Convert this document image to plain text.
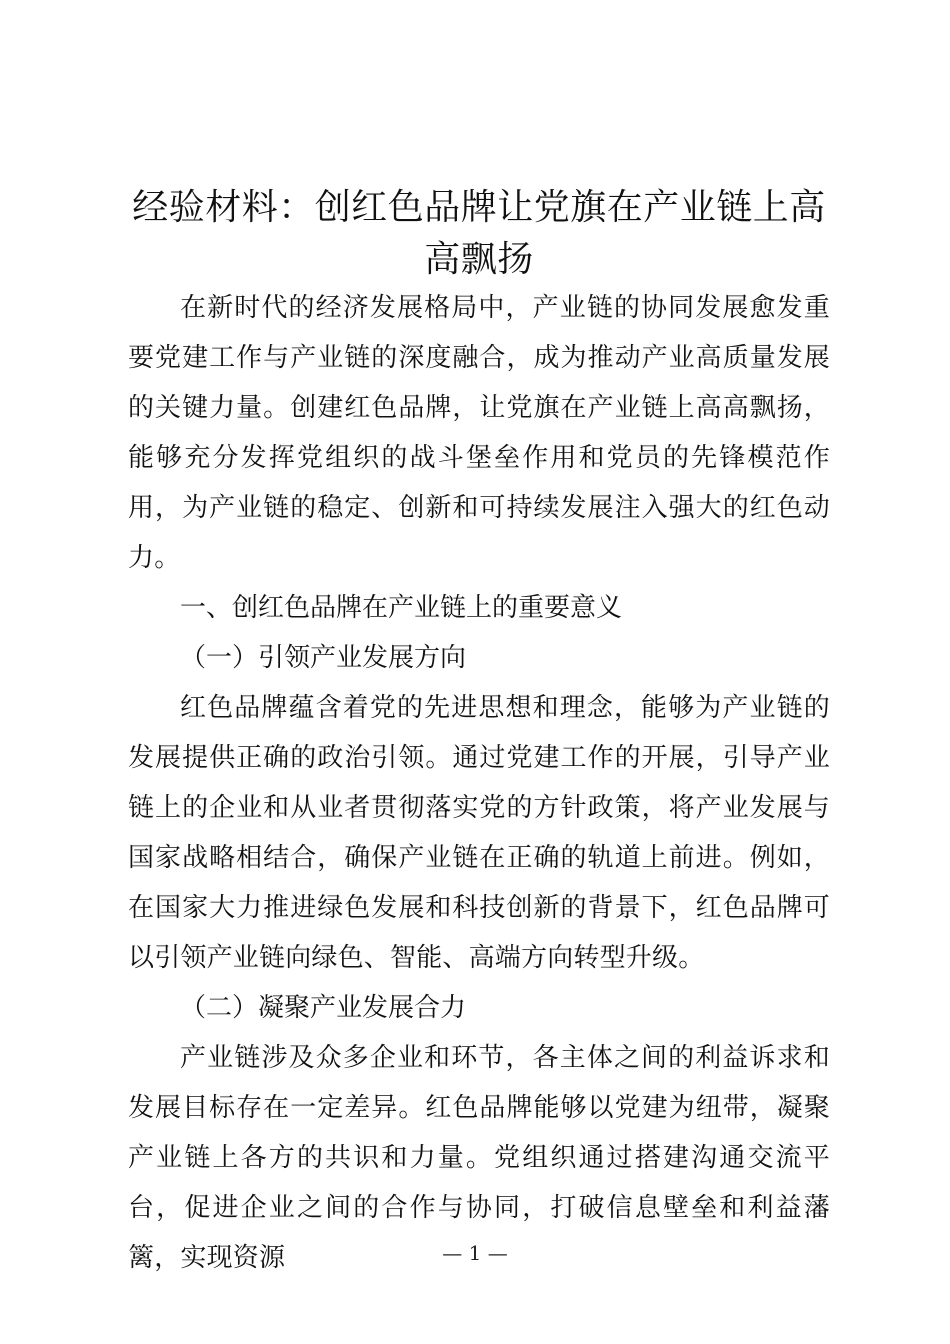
经验材料：创红色品牌让党旗在产业链上高高飘扬

在新时代的经济发展格局中，产业链的协同发展愈发重要党建工作与产业链的深度融合，成为推动产业高质量发展的关键力量。创建红色品牌，让党旗在产业链上高高飘扬，能够充分发挥党组织的战斗堡垒作用和党员的先锋模范作用，为产业链的稳定、创新和可持续发展注入强大的红色动力。

一、创红色品牌在产业链上的重要意义

（一）引领产业发展方向

红色品牌蕴含着党的先进思想和理念，能够为产业链的发展提供正确的政治引领。通过党建工作的开展，引导产业链上的企业和从业者贯彻落实党的方针政策，将产业发展与国家战略相结合，确保产业链在正确的轨道上前进。例如，在国家大力推进绿色发展和科技创新的背景下，红色品牌可以引领产业链向绿色、智能、高端方向转型升级。

（二）凝聚产业发展合力

产业链涉及众多企业和环节，各主体之间的利益诉求和发展目标存在一定差异。红色品牌能够以党建为纽带，凝聚产业链上各方的共识和力量。党组织通过搭建沟通交流平台，促进企业之间的合作与协同，打破信息壁垒和利益藩篱，实现资源	— 1 —
